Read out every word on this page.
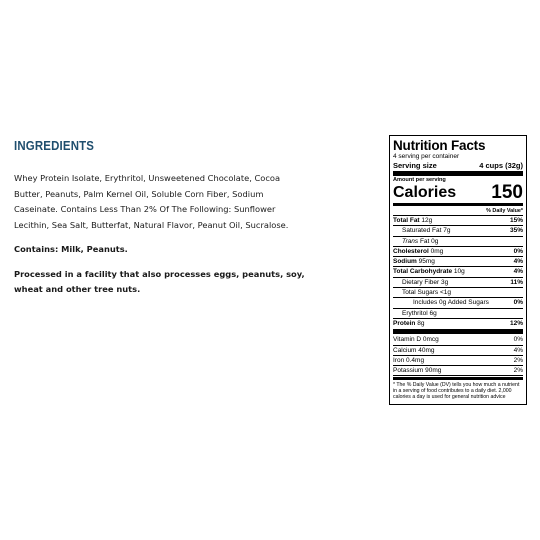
INGREDIENTS

Whey Protein Isolate, Erythritol, Unsweetened Chocolate, Cocoa Butter, Peanuts, Palm Kernel Oil, Soluble Corn Fiber, Sodium Caseinate. Contains Less Than 2% Of The Following: Sunflower Lecithin, Sea Salt, Butterfat, Natural Flavor, Peanut Oil, Sucralose.

Contains: Milk, Peanuts.

Processed in a facility that also processes eggs, peanuts, soy, wheat and other tree nuts.

Nutrition Facts
4 serving per container
Serving size	4 cups (32g)
Amount per serving
Calories 150
% Daily Value*
Total Fat 12g	15%
Saturated Fat 7g	35%
Trans Fat 0g
Cholesterol 0mg	0%
Sodium 95mg	4%
Total Carbohydrate 10g	4%
Dietary Fiber 3g	11%
Total Sugars <1g
Includes 0g Added Sugars	0%
Erythritol 6g
Protein 8g	12%
Vitamin D 0mcg	0%
Calcium 40mg	4%
Iron 0.4mg	2%
Potassium 90mg	2%
* The % Daily Value (DV) tells you how much a nutrient in a serving of food contributes to a daily diet. 2,000 calories a day is used for general nutrition advice
